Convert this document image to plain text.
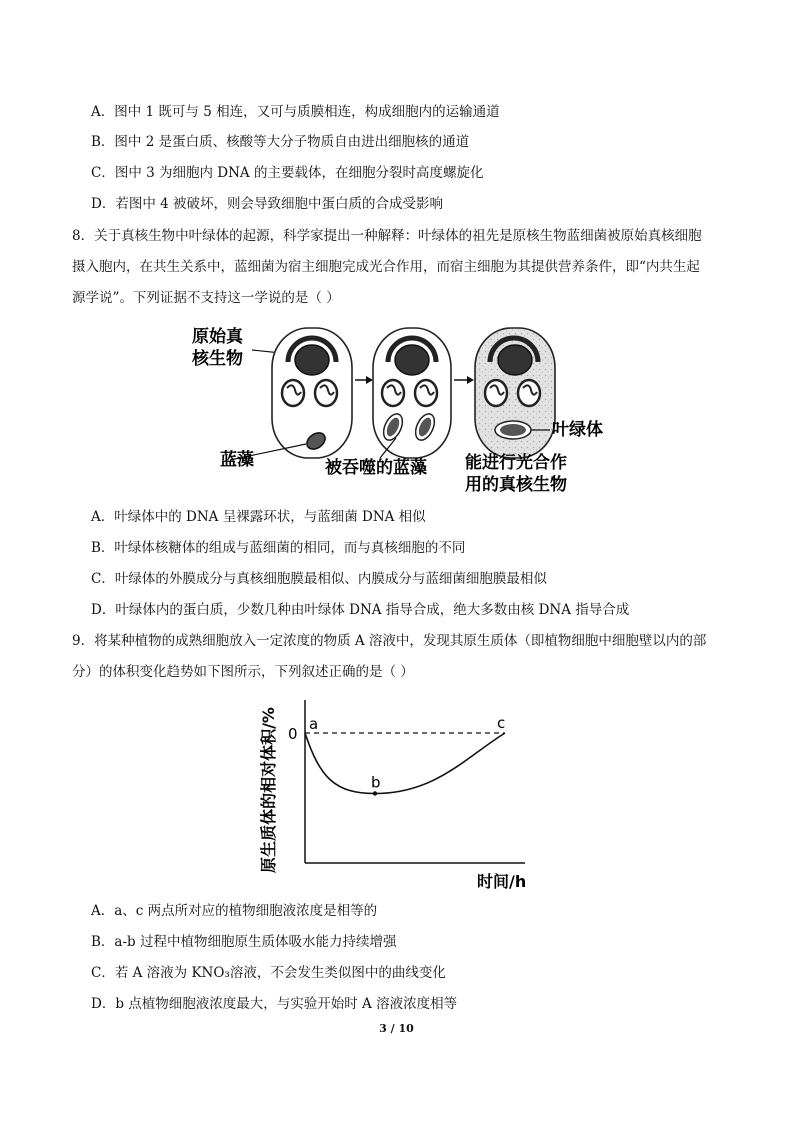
A．图中 1 既可与 5 相连，又可与质膜相连，构成细胞内的运输通道
B．图中 2 是蛋白质、核酸等大分子物质自由进出细胞核的通道
C．图中 3 为细胞内 DNA 的主要载体，在细胞分裂时高度螺旋化
D．若图中 4 被破坏，则会导致细胞中蛋白质的合成受影响
8．关于真核生物中叶绿体的起源，科学家提出一种解释：叶绿体的祖先是原核生物蓝细菌被原始真核细胞
摄入胞内，在共生关系中，蓝细菌为宿主细胞完成光合作用，而宿主细胞为其提供营养条件，即“内共生起
源学说”。下列证据不支持这一学说的是（ ）
原始真
核生物
蓝藻	被吞噬的蓝藻
叶绿体
能进行光合作
用的真核生物
A．叶绿体中的 DNA 呈裸露环状，与蓝细菌 DNA 相似
B．叶绿体核糖体的组成与蓝细菌的相同，而与真核细胞的不同
C．叶绿体的外膜成分与真核细胞膜最相似、内膜成分与蓝细菌细胞膜最相似
D．叶绿体内的蛋白质，少数几种由叶绿体 DNA 指导合成，绝大多数由核 DNA 指导合成
9．将某种植物的成熟细胞放入一定浓度的物质 A 溶液中，发现其原生质体（即植物细胞中细胞壁以内的部
分）的体积变化趋势如下图所示，下列叙述正确的是（ ）
原生质体的相对体积/% 0
a
b
c
时间/h
A．a、c 两点所对应的植物细胞液浓度是相等的
B．a-b 过程中植物细胞原生质体吸水能力持续增强
C．若 A 溶液为 KNO₃溶液，不会发生类似图中的曲线变化
D．b 点植物细胞液浓度最大，与实验开始时 A 溶液浓度相等
3 / 10
